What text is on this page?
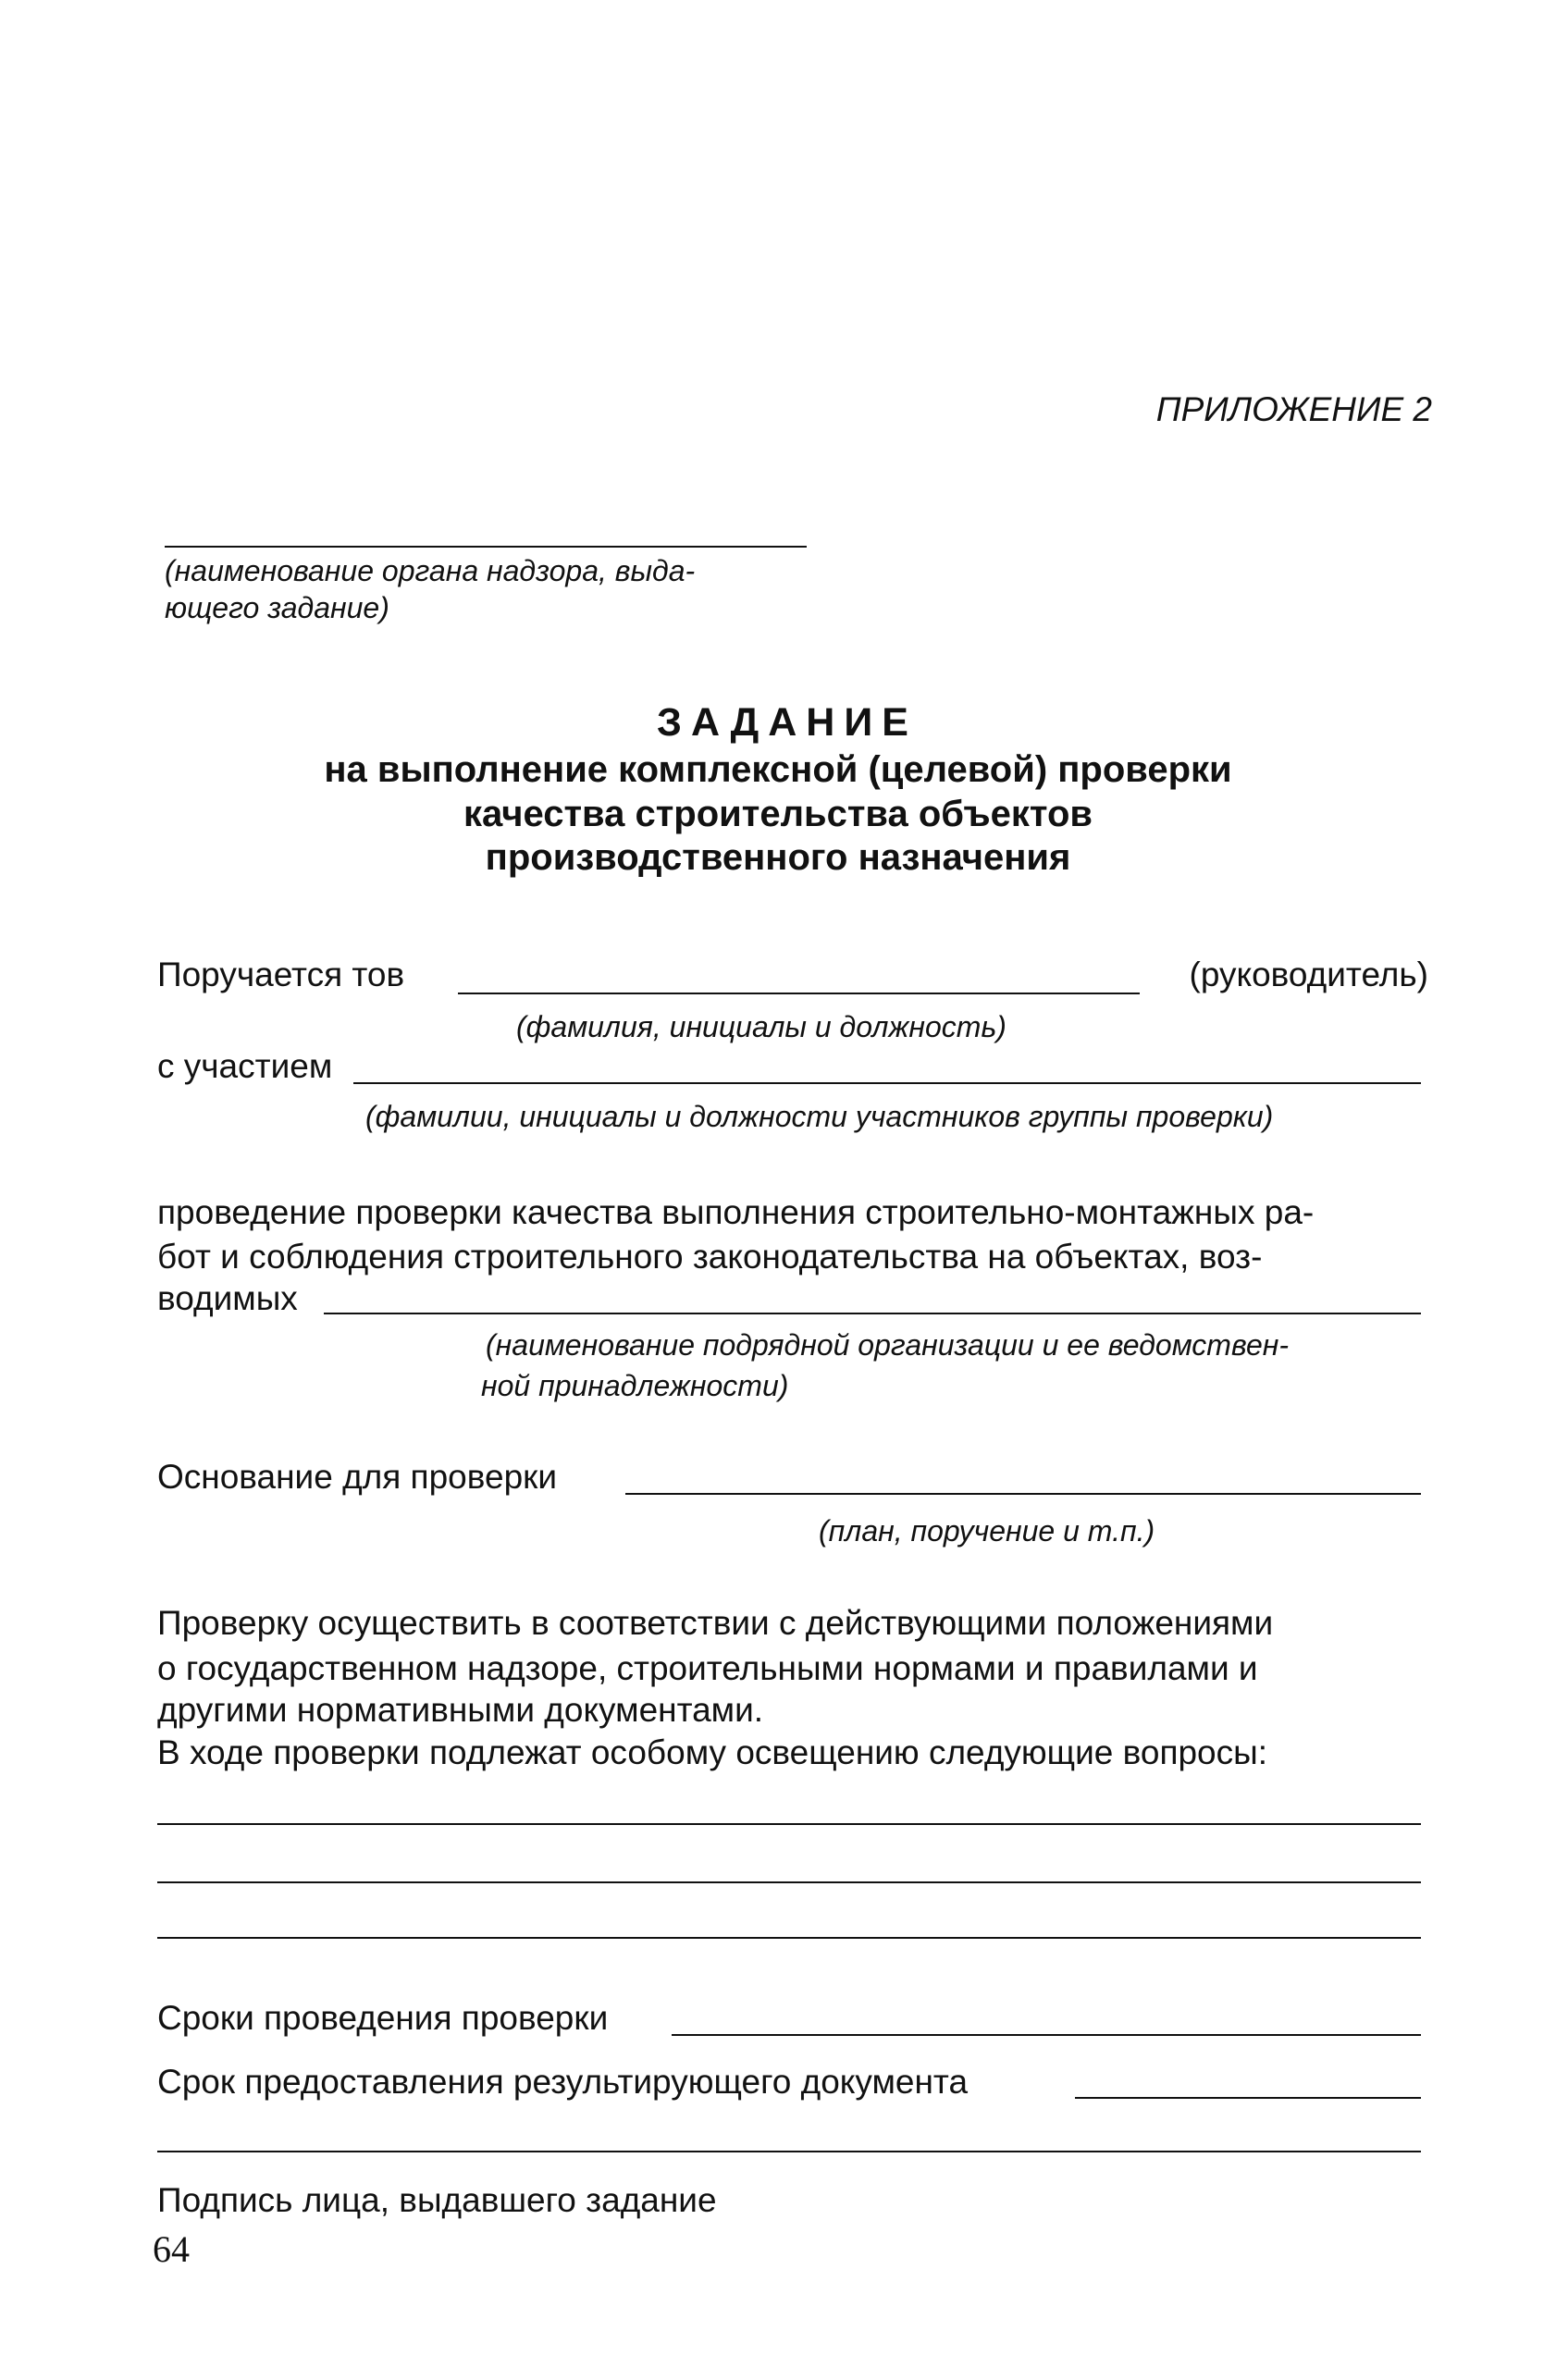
ПРИЛОЖЕНИЕ 2
(наименование органа надзора, выда-
ющего задание)
ЗАДАНИЕ
на выполнение комплексной (целевой) проверки
качества строительства объектов
производственного назначения
Поручается тов	(руководитель)
(фамилия, инициалы и должность)
с участием
(фамилии, инициалы и должности участников группы проверки)
проведение проверки качества выполнения строительно-монтажных ра-
бот и соблюдения строительного законодательства на объектах, воз-
водимых
(наименование подрядной организации и ее ведомствен-
ной принадлежности)
Основание для проверки
(план, поручение и т.п.)
Проверку осуществить в соответствии с действующими положениями
о государственном надзоре, строительными нормами и правилами и
другими нормативными документами.
В ходе проверки подлежат особому освещению следующие вопросы:
Сроки проведения проверки
Срок предоставления результирующего документа
Подпись лица, выдавшего задание
64
